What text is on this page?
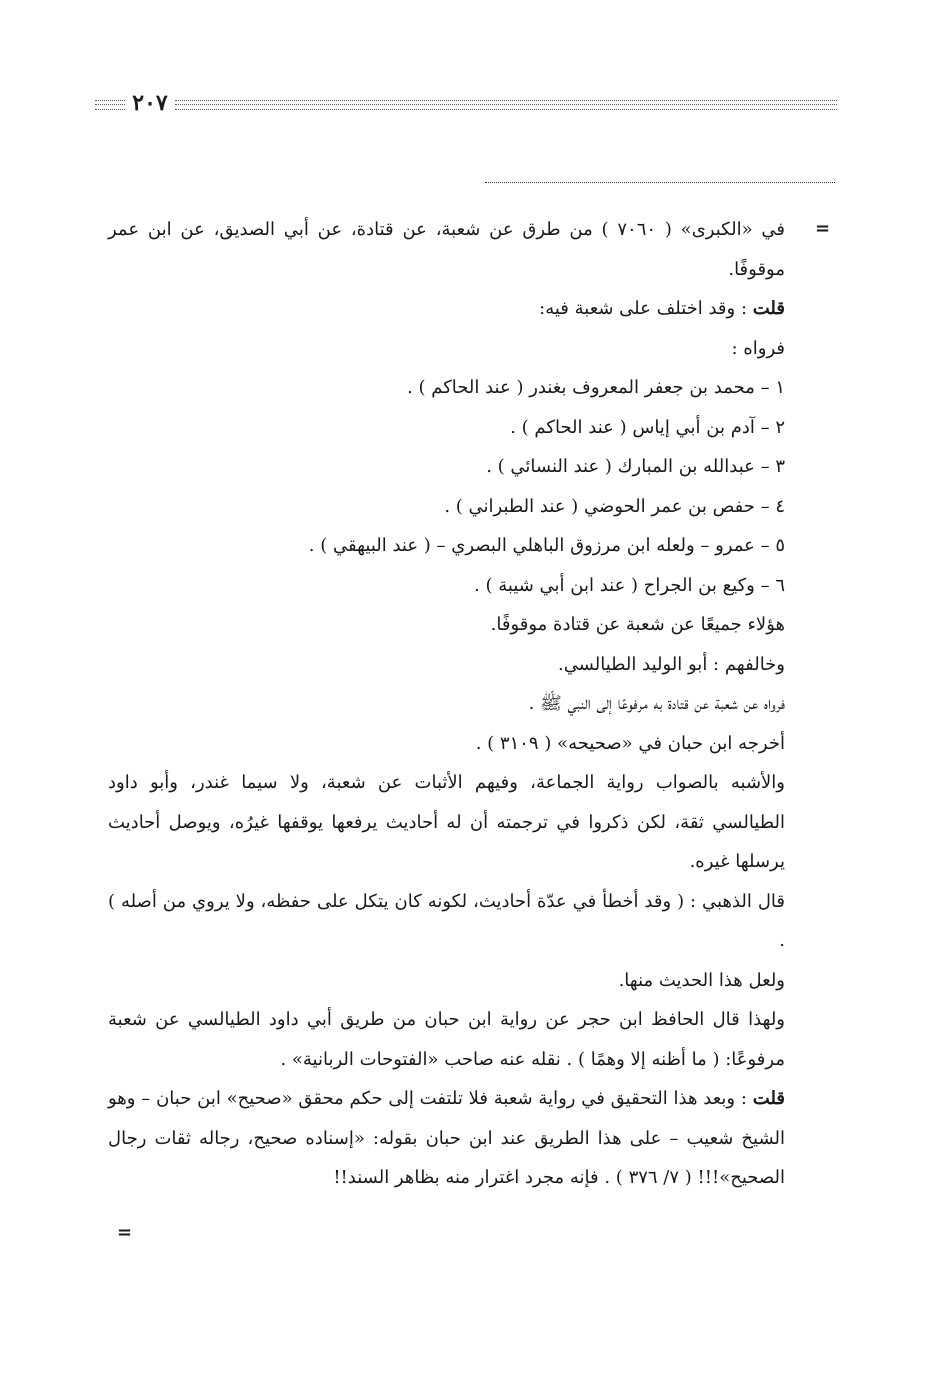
٢٠٧
=

في «الكبرى» ( ٧٠٦٠ ) من طرق عن شعبة، عن قتادة، عن أبي الصديق، عن ابن عمر موقوفًا.

قلت : وقد اختلف على شعبة فيه:

فرواه :

١ – محمد بن جعفر المعروف بغندر ( عند الحاكم ) .

٢ – آدم بن أبي إياس ( عند الحاكم ) .

٣ – عبدالله بن المبارك ( عند النسائي ) .

٤ – حفص بن عمر الحوضي ( عند الطبراني ) .

٥ – عمرو – ولعله ابن مرزوق الباهلي البصري – ( عند البيهقي ) .

٦ – وكيع بن الجراح ( عند ابن أبي شيبة ) .

هؤلاء جميعًا عن شعبة عن قتادة موقوفًا.

وخالفهم : أبو الوليد الطيالسي.

فرواه عن شعبة عن قتادة به مرفوعًا إلى النبي ﷺ .

أخرجه ابن حبان في «صحيحه» ( ٣١٠٩ ) .

والأشبه بالصواب رواية الجماعة، وفيهم الأثبات عن شعبة، ولا سيما غندر، وأبو داود الطيالسي ثقة، لكن ذكروا في ترجمته أن له أحاديث يرفعها يوقفها غيرُه، ويوصل أحاديث يرسلها غيره.

قال الذهبي : ( وقد أخطأ في عدّة أحاديث، لكونه كان يتكل على حفظه، ولا يروي من أصله ) .

ولعل هذا الحديث منها.

ولهذا قال الحافظ ابن حجر عن رواية ابن حبان من طريق أبي داود الطيالسي عن شعبة مرفوعًا: ( ما أظنه إلا وهمًا ) . نقله عنه صاحب «الفتوحات الربانية» .

قلت : وبعد هذا التحقيق في رواية شعبة فلا تلتفت إلى حكم محقق «صحيح» ابن حبان – وهو الشيخ شعيب – على هذا الطريق عند ابن حبان بقوله: «إسناده صحيح، رجاله ثقات رجال الصحيح»!!! ( ٧/ ٣٧٦ ) . فإنه مجرد اغترار منه بظاهر السند!!

=
